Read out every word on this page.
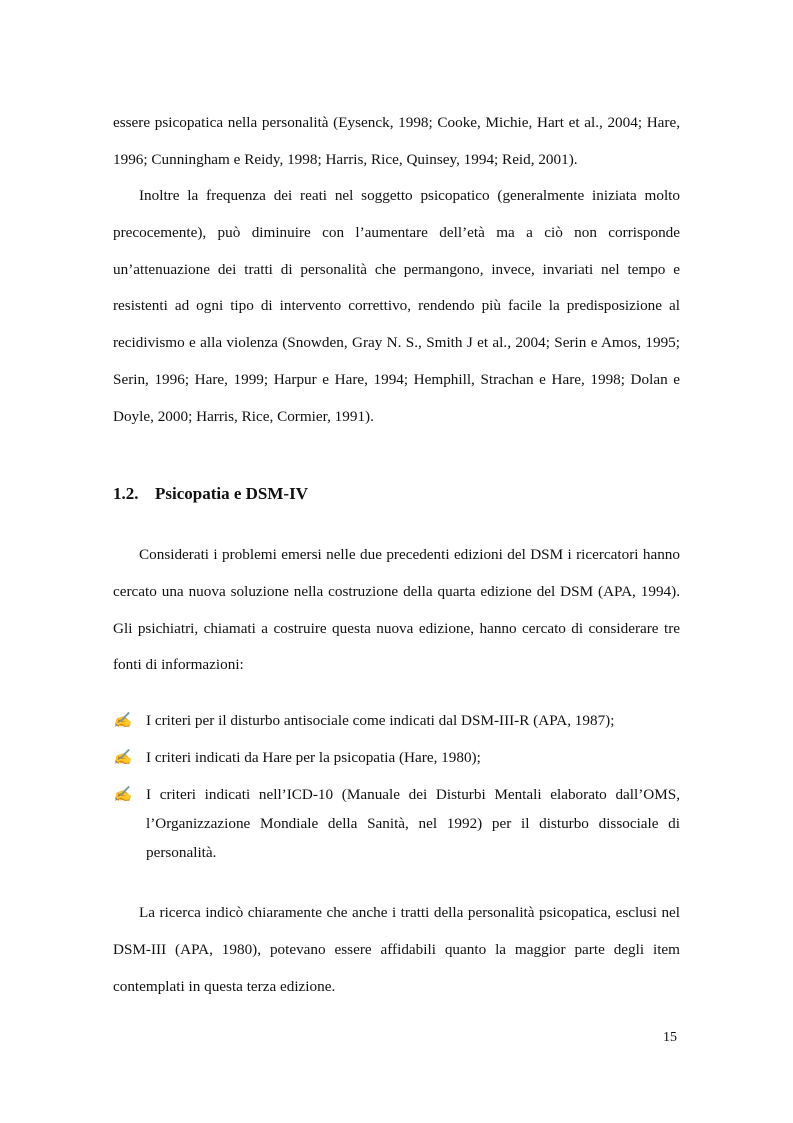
essere psicopatica nella personalità (Eysenck, 1998; Cooke, Michie, Hart et al., 2004; Hare, 1996; Cunningham e Reidy, 1998; Harris, Rice, Quinsey, 1994; Reid, 2001).

Inoltre la frequenza dei reati nel soggetto psicopatico (generalmente iniziata molto precocemente), può diminuire con l’aumentare dell’età ma a ciò non corrisponde un’attenuazione dei tratti di personalità che permangono, invece, invariati nel tempo e resistenti ad ogni tipo di intervento correttivo, rendendo più facile la predisposizione al recidivismo e alla violenza (Snowden, Gray N. S., Smith J et al., 2004; Serin e Amos, 1995; Serin, 1996; Hare, 1999; Harpur e Hare, 1994; Hemphill, Strachan e Hare, 1998; Dolan e Doyle, 2000; Harris, Rice, Cormier, 1991).

1.2. Psicopatia e DSM-IV

Considerati i problemi emersi nelle due precedenti edizioni del DSM i ricercatori hanno cercato una nuova soluzione nella costruzione della quarta edizione del DSM (APA, 1994). Gli psichiatri, chiamati a costruire questa nuova edizione, hanno cercato di considerare tre fonti di informazioni:

✍ I criteri per il disturbo antisociale come indicati dal DSM-III-R (APA, 1987);
✍ I criteri indicati da Hare per la psicopatia (Hare, 1980);
✍ I criteri indicati nell’ICD-10 (Manuale dei Disturbi Mentali elaborato dall’OMS, l’Organizzazione Mondiale della Sanità, nel 1992) per il disturbo dissociale di personalità.

La ricerca indicò chiaramente che anche i tratti della personalità psicopatica, esclusi nel DSM-III (APA, 1980), potevano essere affidabili quanto la maggior parte degli item contemplati in questa terza edizione.

15
